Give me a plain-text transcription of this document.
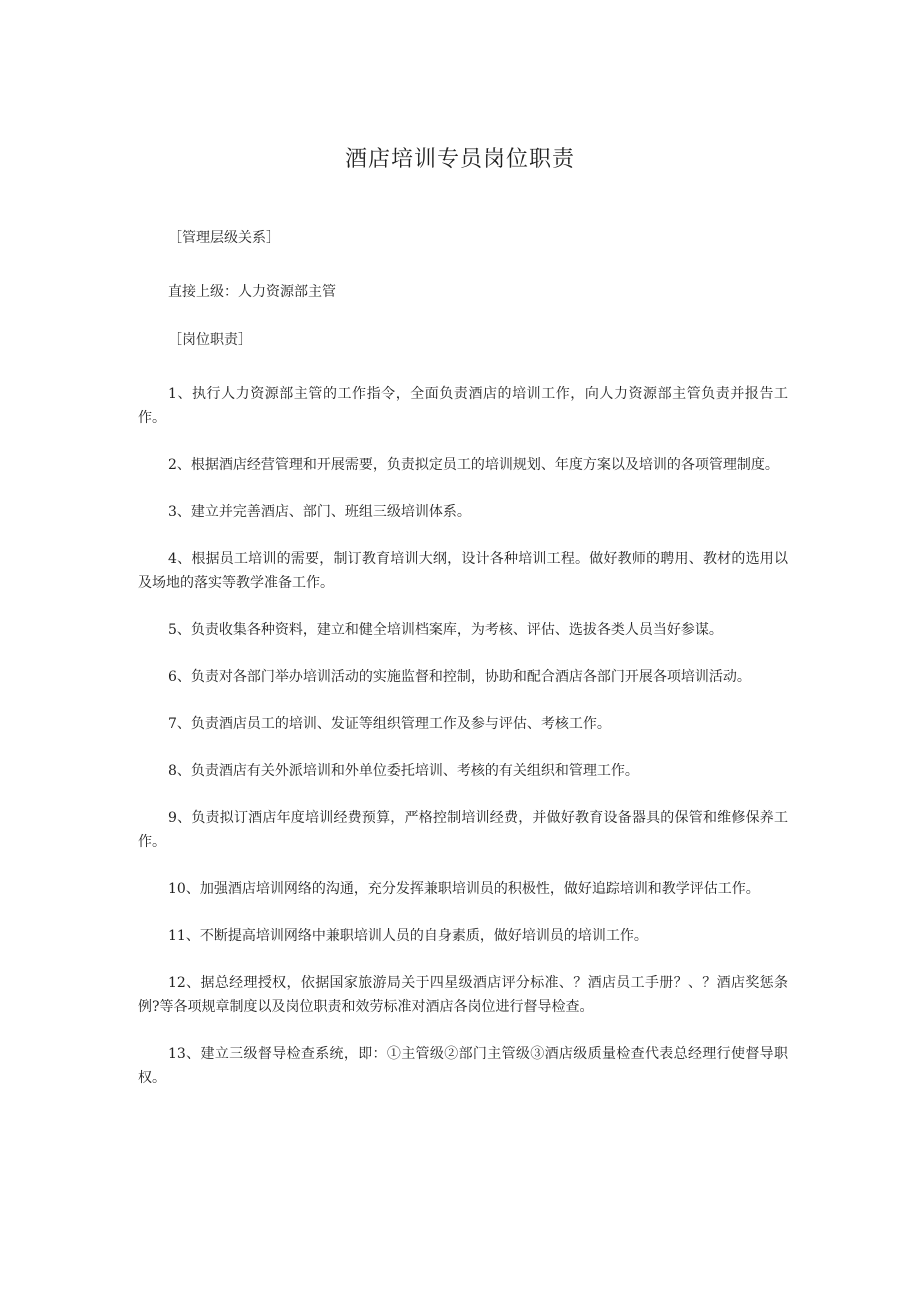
酒店培训专员岗位职责

［管理层级关系］

直接上级：人力资源部主管

［岗位职责］

1、执行人力资源部主管的工作指令，全面负责酒店的培训工作，向人力资源部主管负责并报告工作。

2、根据酒店经营管理和开展需要，负责拟定员工的培训规划、年度方案以及培训的各项管理制度。

3、建立并完善酒店、部门、班组三级培训体系。

4、根据员工培训的需要，制订教育培训大纲，设计各种培训工程。做好教师的聘用、教材的选用以及场地的落实等教学准备工作。

5、负责收集各种资料，建立和健全培训档案库，为考核、评估、选拔各类人员当好参谋。

6、负责对各部门举办培训活动的实施监督和控制，协助和配合酒店各部门开展各项培训活动。

7、负责酒店员工的培训、发证等组织管理工作及参与评估、考核工作。

8、负责酒店有关外派培训和外单位委托培训、考核的有关组织和管理工作。

9、负责拟订酒店年度培训经费预算，严格控制培训经费，并做好教育设备器具的保管和维修保养工作。

10、加强酒店培训网络的沟通，充分发挥兼职培训员的积极性，做好追踪培训和教学评估工作。

11、不断提高培训网络中兼职培训人员的自身素质，做好培训员的培训工作。

12、据总经理授权，依据国家旅游局关于四星级酒店评分标准、？酒店员工手册？、？酒店奖惩条例?等各项规章制度以及岗位职责和效劳标准对酒店各岗位进行督导检查。

13、建立三级督导检查系统，即：①主管级②部门主管级③酒店级质量检查代表总经理行使督导职权。
